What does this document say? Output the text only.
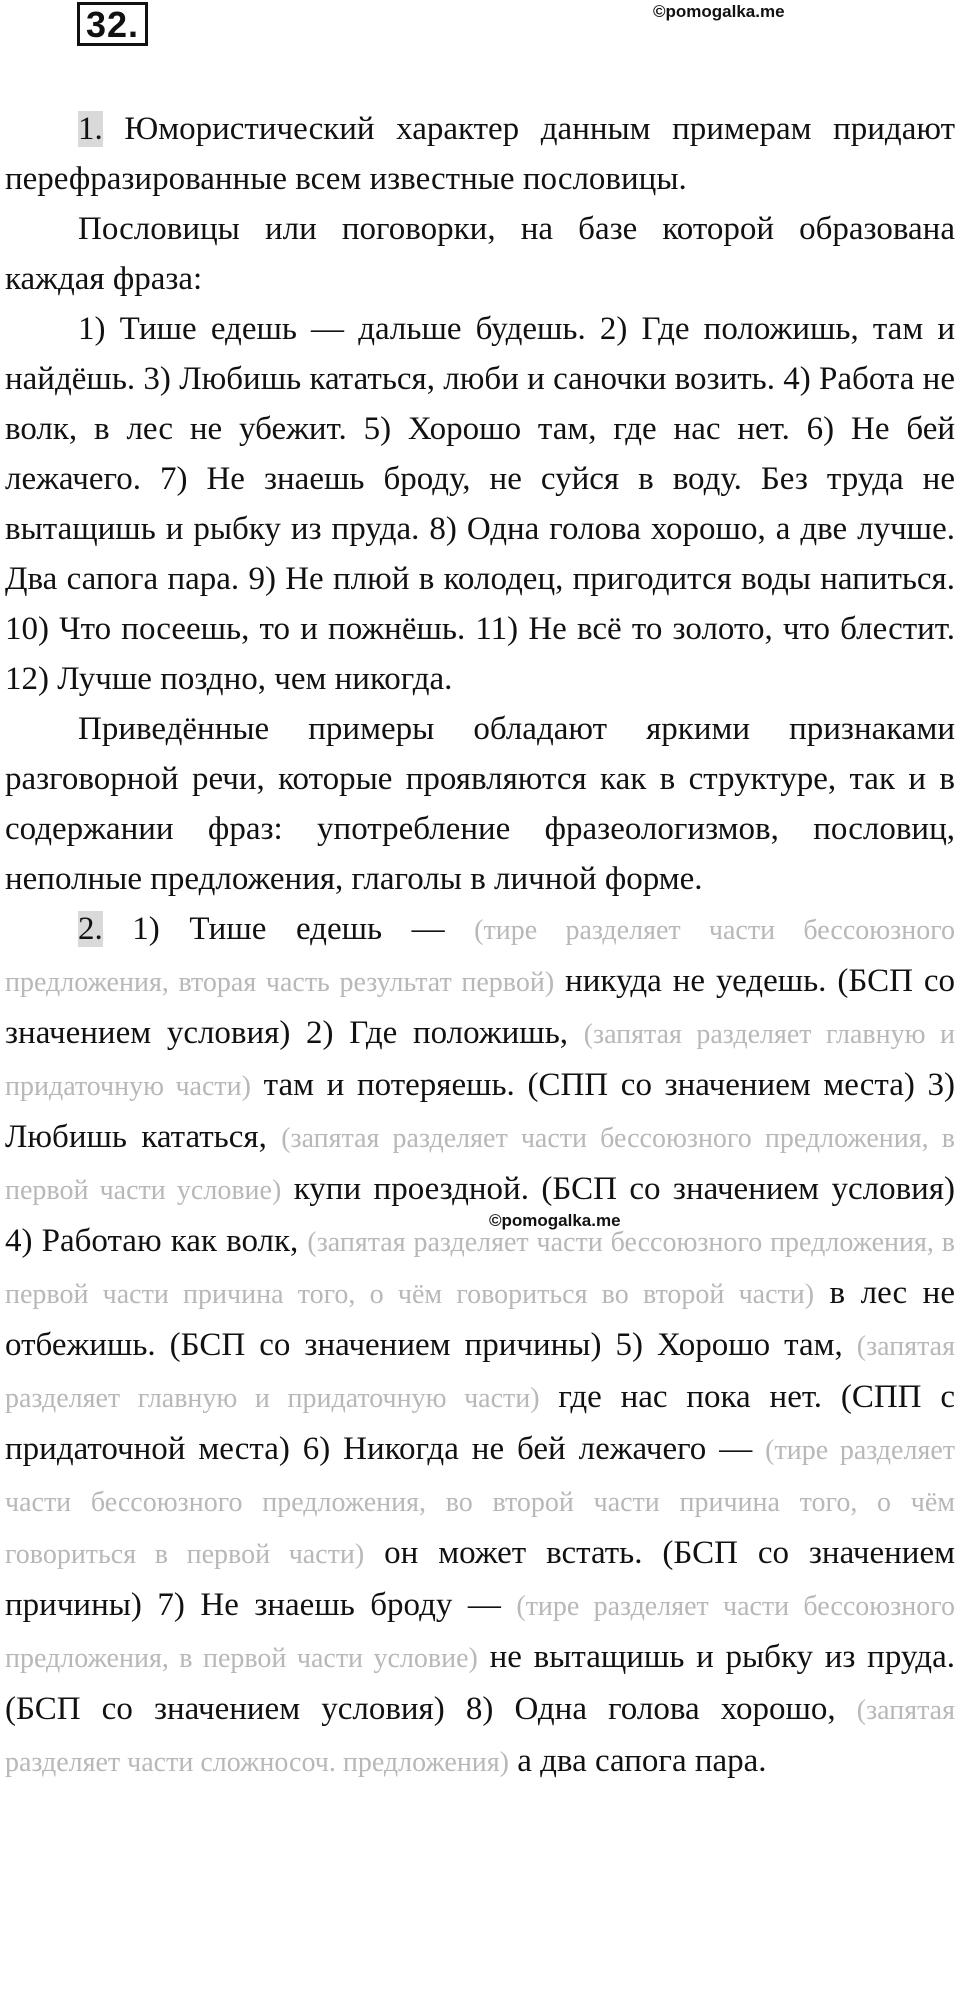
32.	©pomogalka.me

1. Юмористический характер данным примерам придают перефразированные всем известные пословицы.

Пословицы или поговорки, на базе которой образована каждая фраза:

1) Тише едешь — дальше будешь. 2) Где положишь, там и найдёшь. 3) Любишь кататься, люби и саночки возить. 4) Работа не волк, в лес не убежит. 5) Хорошо там, где нас нет. 6) Не бей лежачего. 7) Не знаешь броду, не суйся в воду. Без труда не вытащишь и рыбку из пруда. 8) Одна голова хорошо, а две лучше. Два сапога пара. 9) Не плюй в колодец, пригодится воды напиться. 10) Что посеешь, то и пожнёшь. 11) Не всё то золото, что блестит. 12) Лучше поздно, чем никогда.

Приведённые примеры обладают яркими признаками разговорной речи, которые проявляются как в структуре, так и в содержании фраз: употребление фразеологизмов, пословиц, неполные предложения, глаголы в личной форме.

2. 1) Тише едешь — (тире разделяет части бессоюзного предложения, вторая часть результат первой) никуда не уедешь. (БСП со значением условия) 2) Где положишь, (запятая разделяет главную и придаточную части) там и потеряешь. (СПП со значением места) 3) Любишь кататься, (запятая разделяет части бессоюзного предложения, в первой части условие) купи проездной. (БСП со значением условия) 4) Работаю как волк, (запятая разделяет части бессоюзного предложения, в первой части причина того, о чём говориться во второй части) в лес не отбежишь. (БСП со значением причины) 5) Хорошо там, (запятая разделяет главную и придаточную части) где нас пока нет. (СПП с придаточной места) 6) Никогда не бей лежачего — (тире разделяет части бессоюзного предложения, во второй части причина того, о чём говориться в первой части) он может встать. (БСП со значением причины) 7) Не знаешь броду — (тире разделяет части бессоюзного предложения, в первой части условие) не вытащишь и рыбку из пруда. (БСП со значением условия) 8) Одна голова хорошо, (запятая разделяет части сложносоч. предложения) а два сапога пара.

©pomogalka.me
